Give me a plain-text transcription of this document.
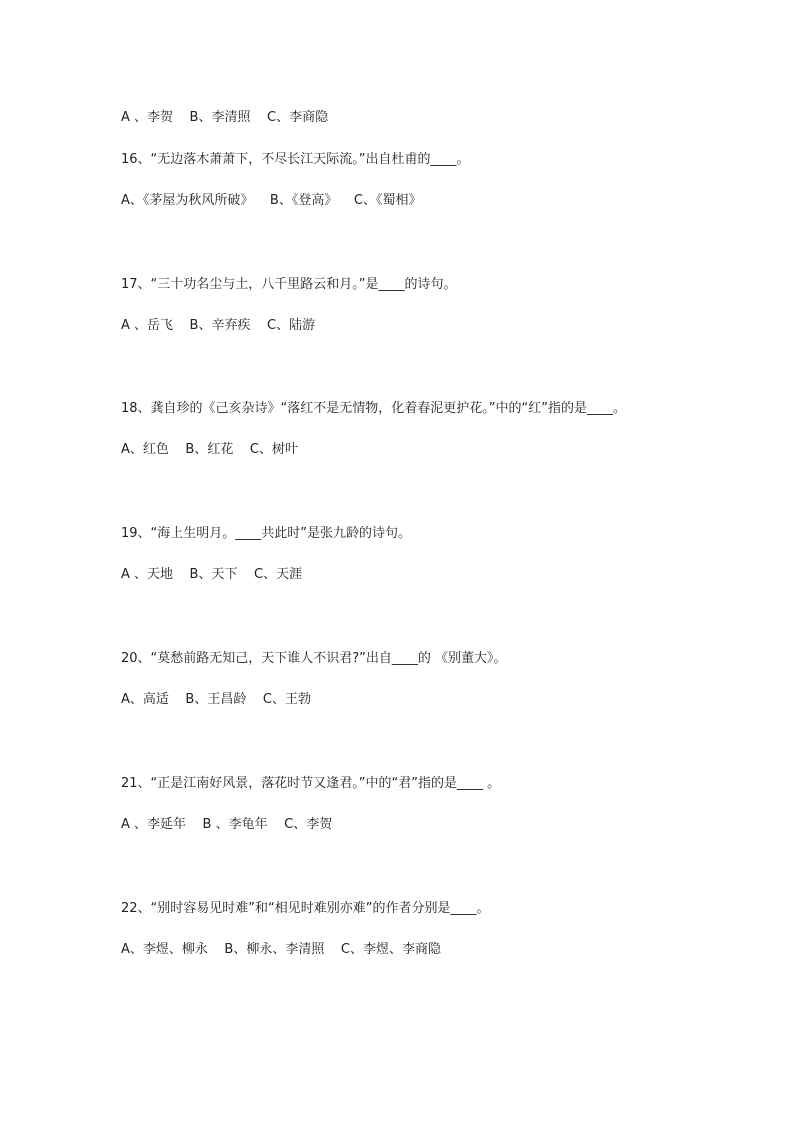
A 、李贺    B、李清照    C、李商隐
16、“无边落木萧萧下，不尽长江天际流。”出自杜甫的____。
A、《茅屋为秋风所破》    B、《登高》    C、《蜀相》
17、“三十功名尘与土，八千里路云和月。”是____的诗句。
A 、岳飞    B、辛弃疾    C、陆游
18、龚自珍的《己亥杂诗》“落红不是无情物，化着春泥更护花。”中的“红”指的是____。
A、红色    B、红花    C、树叶
19、“海上生明月。____共此时”是张九龄的诗句。
A 、天地    B、天下    C、天涯
20、“莫愁前路无知己，天下谁人不识君?”出自____的 《别董大》。
A、高适    B、王昌龄    C、王勃
21、“正是江南好风景，落花时节又逢君。”中的“君”指的是____ 。
A 、李延年    B 、李龟年    C、李贺
22、“别时容易见时难”和“相见时难别亦难”的作者分别是____。
A、李煜、柳永    B、柳永、李清照    C、李煜、李商隐
